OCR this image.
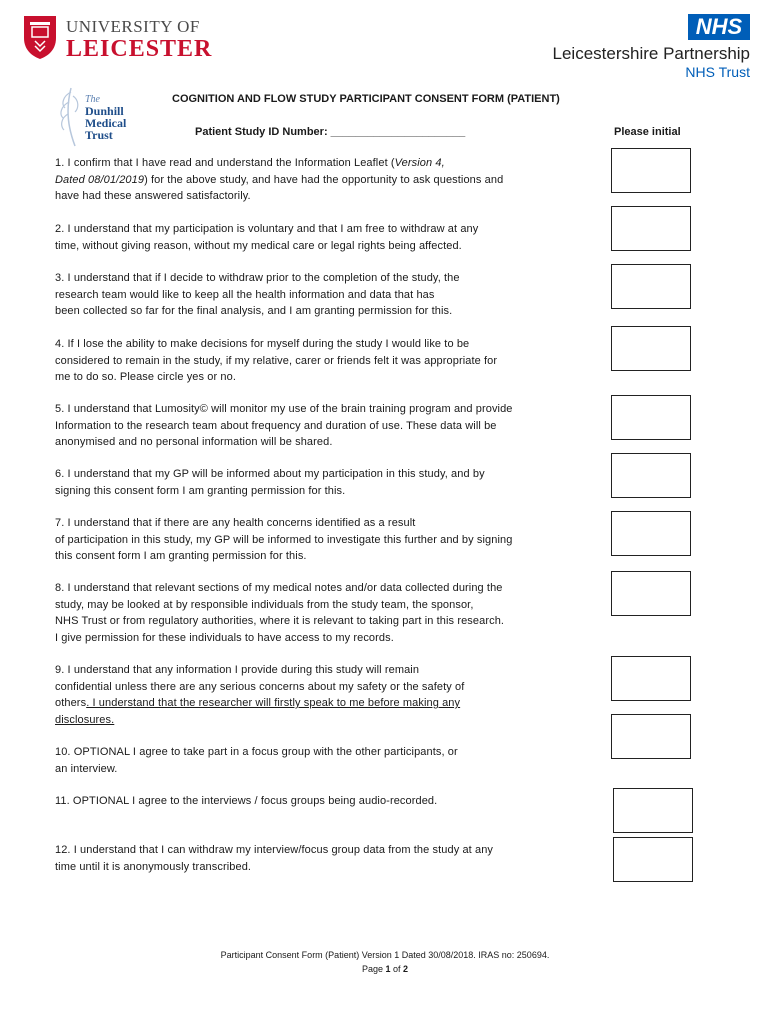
UNIVERSITY OF
LEICESTER
NHS
Leicestershire Partnership
NHS Trust
The
Dunhill
Medical
Trust
COGNITION AND FLOW STUDY PARTICIPANT CONSENT FORM (PATIENT)
Patient Study ID Number: ______________________	Please initial
1. I confirm that I have read and understand the Information Leaflet (Version 4,
Dated 08/01/2019) for the above study, and have had the opportunity to ask questions and
have had these answered satisfactorily.
2. I understand that my participation is voluntary and that I am free to withdraw at any
time, without giving reason, without my medical care or legal rights being affected.
3. I understand that if I decide to withdraw prior to the completion of the study, the
research team would like to keep all the health information and data that has
been collected so far for the final analysis, and I am granting permission for this.
4. If I lose the ability to make decisions for myself during the study I would like to be
considered to remain in the study, if my relative, carer or friends felt it was appropriate for
me to do so. Please circle yes or no.
5. I understand that Lumosity© will monitor my use of the brain training program and provide
Information to the research team about frequency and duration of use. These data will be
anonymised and no personal information will be shared.
6. I understand that my GP will be informed about my participation in this study, and by
signing this consent form I am granting permission for this.
7. I understand that if there are any health concerns identified as a result
of participation in this study, my GP will be informed to investigate this further and by signing
this consent form I am granting permission for this.
8. I understand that relevant sections of my medical notes and/or data collected during the
study, may be looked at by responsible individuals from the study team, the sponsor,
NHS Trust or from regulatory authorities, where it is relevant to taking part in this research.
I give permission for these individuals to have access to my records.
9. I understand that any information I provide during this study will remain
confidential unless there are any serious concerns about my safety or the safety of
others. I understand that the researcher will firstly speak to me before making any
disclosures.
10. OPTIONAL I agree to take part in a focus group with the other participants, or
an interview.
11. OPTIONAL I agree to the interviews / focus groups being audio-recorded.
12. I understand that I can withdraw my interview/focus group data from the study at any
time until it is anonymously transcribed.
Participant Consent Form (Patient) Version 1 Dated 30/08/2018. IRAS no: 250694.
Page 1 of 2
